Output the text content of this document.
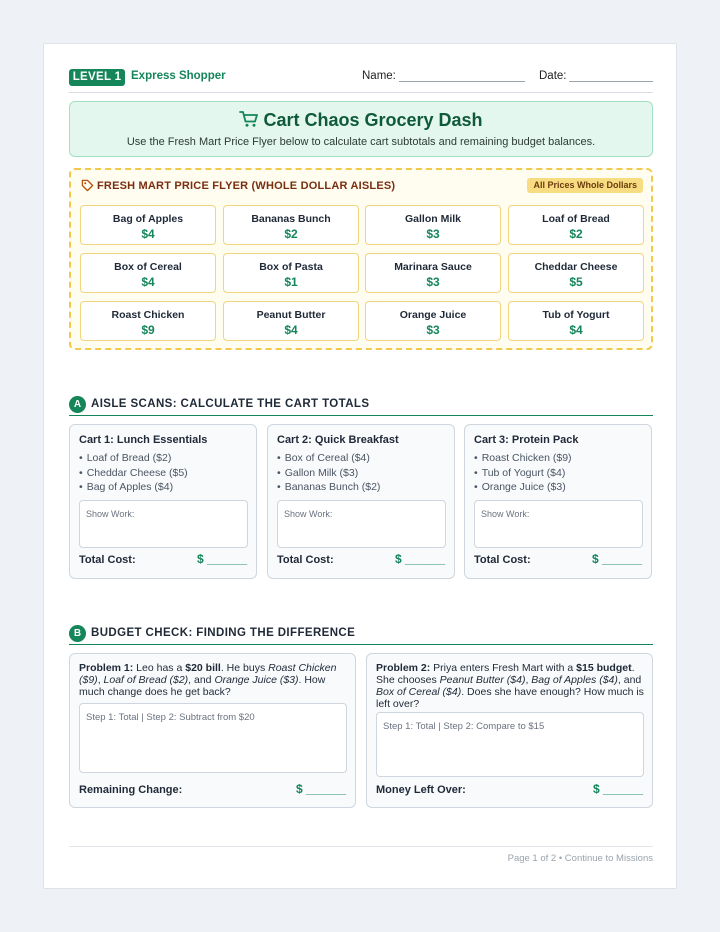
LEVEL 1 Express Shopper	Name:	Date:
Cart Chaos Grocery Dash
Use the Fresh Mart Price Flyer below to calculate cart subtotals and remaining budget balances.
FRESH MART PRICE FLYER (WHOLE DOLLAR AISLES)	All Prices Whole Dollars
Bag of Apples
$4
Bananas Bunch
$2
Gallon Milk
$3
Loaf of Bread
$2
Box of Cereal
$4
Box of Pasta
$1
Marinara Sauce
$3
Cheddar Cheese
$5
Roast Chicken
$9
Peanut Butter
$4
Orange Juice
$3
Tub of Yogurt
$4
A AISLE SCANS: CALCULATE THE CART TOTALS
Cart 1: Lunch Essentials
• Loaf of Bread ($2)
• Cheddar Cheese ($5)
• Bag of Apples ($4)
Show Work:
Total Cost:	$ ______
Cart 2: Quick Breakfast
• Box of Cereal ($4)
• Gallon Milk ($3)
• Bananas Bunch ($2)
Show Work:
Total Cost:	$ ______
Cart 3: Protein Pack
• Roast Chicken ($9)
• Tub of Yogurt ($4)
• Orange Juice ($3)
Show Work:
Total Cost:	$ ______
B BUDGET CHECK: FINDING THE DIFFERENCE
Problem 1: Leo has a $20 bill. He buys Roast Chicken ($9), Loaf of Bread ($2), and Orange Juice ($3). How much change does he get back?
Step 1: Total | Step 2: Subtract from $20
Remaining Change:	$ ______
Problem 2: Priya enters Fresh Mart with a $15 budget. She chooses Peanut Butter ($4), Bag of Apples ($4), and Box of Cereal ($4). Does she have enough? How much is left over?
Step 1: Total | Step 2: Compare to $15
Money Left Over:	$ ______
Page 1 of 2 • Continue to Missions
